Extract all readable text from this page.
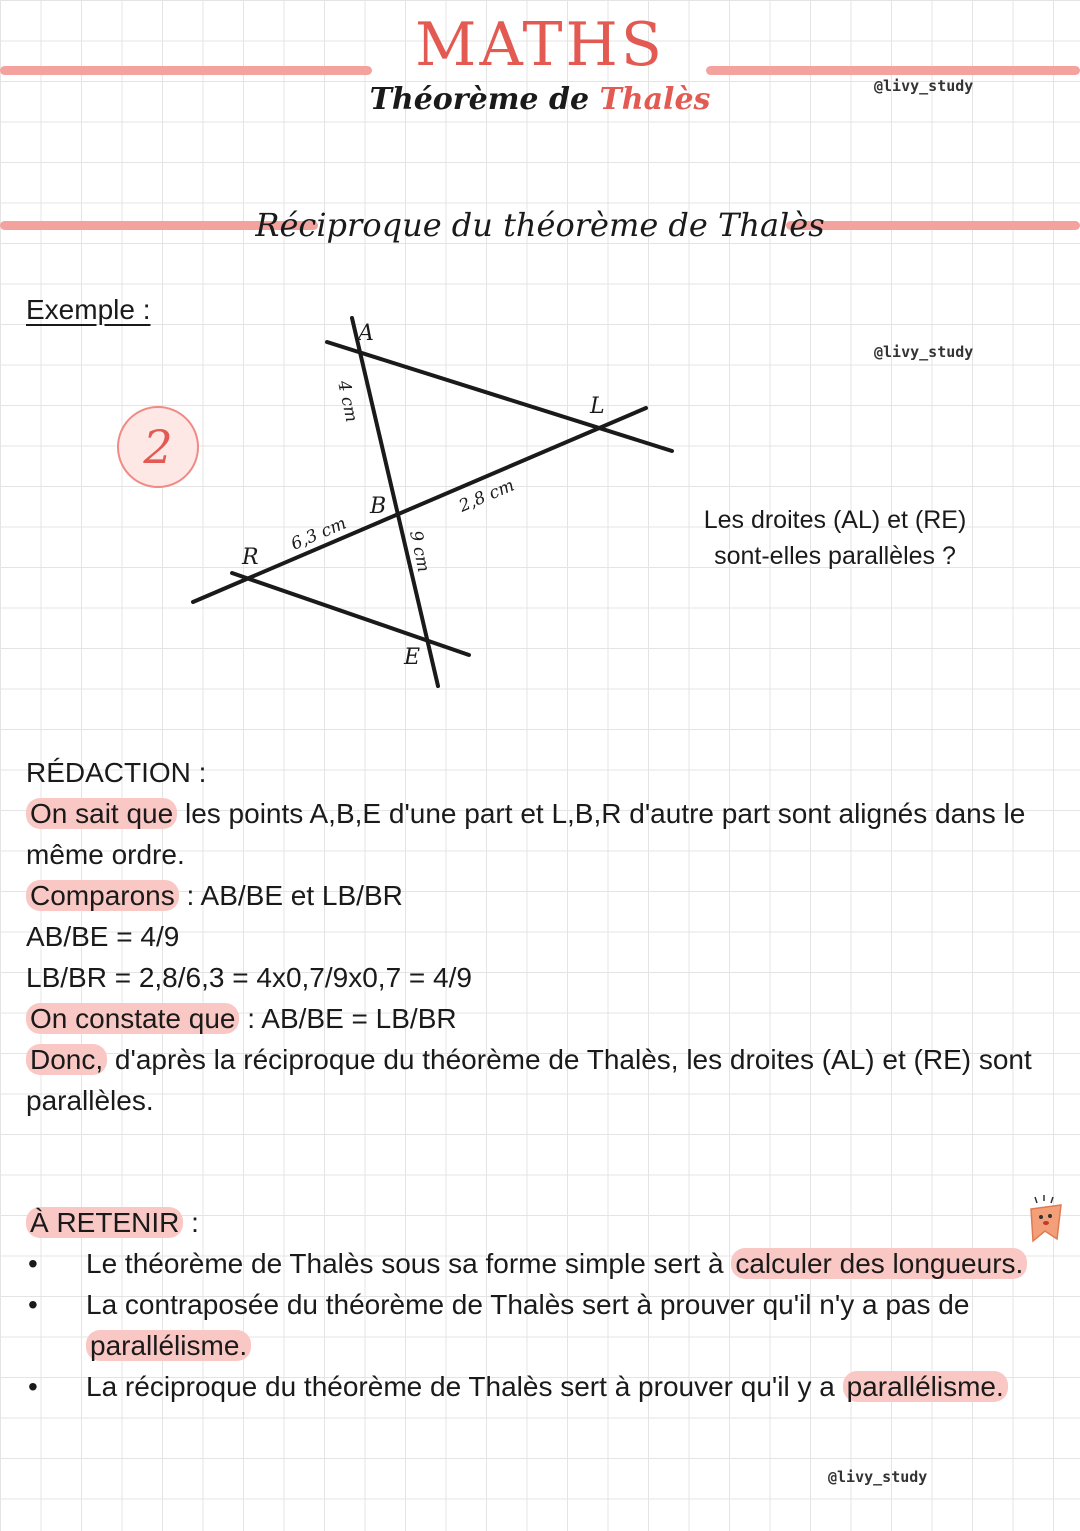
MATHS
Théorème de Thalès	@livy_study
Réciproque du théorème de Thalès
Exemple :
2
@livy_study
A
B
E
L
R
4 cm
9 cm
6,3 cm
2,8 cm
Les droites (AL) et (RE)
sont-elles parallèles ?

RÉDACTION :

On sait que les points A,B,E d'une part et L,B,R d'autre part sont alignés dans le même ordre.

Comparons : AB/BE et LB/BR

AB/BE = 4/9

LB/BR = 2,8/6,3 = 4x0,7/9x0,7 = 4/9

On constate que : AB/BE = LB/BR

Donc, d'après la réciproque du théorème de Thalès, les droites (AL) et (RE) sont parallèles.

À RETENIR :

• Le théorème de Thalès sous sa forme simple sert à calculer des longueurs.
• La contraposée du théorème de Thalès sert à prouver qu'il n'y a pas de parallélisme.
• La réciproque du théorème de Thalès sert à prouver qu'il y a parallélisme.
@livy_study
